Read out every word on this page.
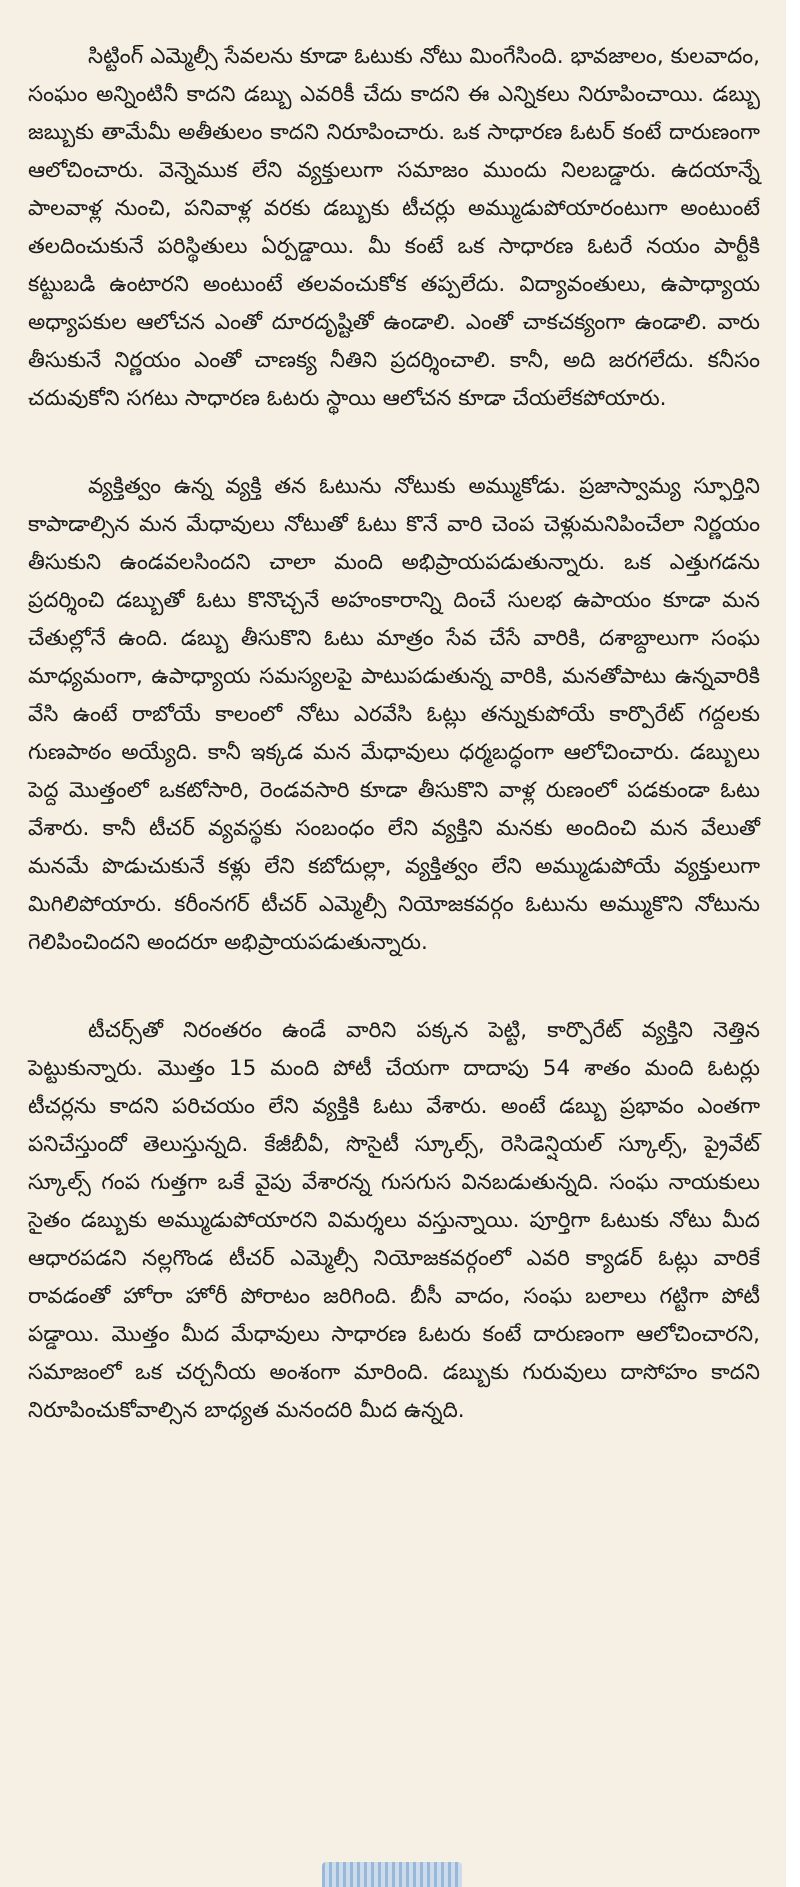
సిట్టింగ్ ఎమ్మెల్సీ సేవలను కూడా ఓటుకు నోటు మింగేసింది. భావజాలం, కులవాదం, సంఘం అన్నింటినీ కాదని డబ్బు ఎవరికీ చేదు కాదని ఈ ఎన్నికలు నిరూపించాయి. డబ్బు జబ్బుకు తామేమీ అతీతులం కాదని నిరూపించారు. ఒక సాధారణ ఓటర్ కంటే దారుణంగా ఆలోచించారు. వెన్నెముక లేని వ్యక్తులుగా సమాజం ముందు నిలబడ్డారు. ఉదయాన్నే పాలవాళ్ల నుంచి, పనివాళ్ల వరకు డబ్బుకు టీచర్లు అమ్ముడుపోయారంటుగా అంటుంటే తలదించుకునే పరిస్థితులు ఏర్పడ్డాయి. మీ కంటే ఒక సాధారణ ఓటరే నయం పార్టీకి కట్టుబడి ఉంటారని అంటుంటే తలవంచుకోక తప్పలేదు. విద్యావంతులు, ఉపాధ్యాయ అధ్యాపకుల ఆలోచన ఎంతో దూరదృష్టితో ఉండాలి. ఎంతో చాకచక్యంగా ఉండాలి. వారు తీసుకునే నిర్ణయం ఎంతో చాణక్య నీతిని ప్రదర్శించాలి. కానీ, అది జరగలేదు. కనీసం చదువుకోని సగటు సాధారణ ఓటరు స్థాయి ఆలోచన కూడా చేయలేకపోయారు.

వ్యక్తిత్వం ఉన్న వ్యక్తి తన ఓటును నోటుకు అమ్ముకోడు. ప్రజాస్వామ్య స్ఫూర్తిని కాపాడాల్సిన మన మేధావులు నోటుతో ఓటు కొనే వారి చెంప చెళ్లుమనిపించేలా నిర్ణయం తీసుకుని ఉండవలసిందని చాలా మంది అభిప్రాయపడుతున్నారు. ఒక ఎత్తుగడను ప్రదర్శించి డబ్బుతో ఓటు కొనొచ్చనే అహంకారాన్ని దించే సులభ ఉపాయం కూడా మన చేతుల్లోనే ఉంది. డబ్బు తీసుకొని ఓటు మాత్రం సేవ చేసే వారికి, దశాబ్దాలుగా సంఘ మాధ్యమంగా, ఉపాధ్యాయ సమస్యలపై పాటుపడుతున్న వారికి, మనతోపాటు ఉన్నవారికి వేసి ఉంటే రాబోయే కాలంలో నోటు ఎరవేసి ఓట్లు తన్నుకుపోయే కార్పొరేట్ గద్దలకు గుణపాఠం అయ్యేది. కానీ ఇక్కడ మన మేధావులు ధర్మబద్ధంగా ఆలోచించారు. డబ్బులు పెద్ద మొత్తంలో ఒకటోసారి, రెండవసారి కూడా తీసుకొని వాళ్ల రుణంలో పడకుండా ఓటు వేశారు. కానీ టీచర్ వ్యవస్థకు సంబంధం లేని వ్యక్తిని మనకు అందించి మన వేలుతో మనమే పొడుచుకునే కళ్లు లేని కబోదుల్లా, వ్యక్తిత్వం లేని అమ్ముడుపోయే వ్యక్తులుగా మిగిలిపోయారు. కరీంనగర్ టీచర్ ఎమ్మెల్సీ నియోజకవర్గం ఓటును అమ్ముకొని నోటును గెలిపించిందని అందరూ అభిప్రాయపడుతున్నారు.

టీచర్స్‌తో నిరంతరం ఉండే వారిని పక్కన పెట్టి, కార్పొరేట్ వ్యక్తిని నెత్తిన పెట్టుకున్నారు. మొత్తం 15 మంది పోటీ చేయగా దాదాపు 54 శాతం మంది ఓటర్లు టీచర్లను కాదని పరిచయం లేని వ్యక్తికి ఓటు వేశారు. అంటే డబ్బు ప్రభావం ఎంతగా పనిచేస్తుందో తెలుస్తున్నది. కేజీబీవీ, సొసైటీ స్కూల్స్, రెసిడెన్షియల్ స్కూల్స్, ప్రైవేట్ స్కూల్స్ గంప గుత్తగా ఒకే వైపు వేశారన్న గుసగుస వినబడుతున్నది. సంఘ నాయకులు సైతం డబ్బుకు అమ్ముడుపోయారని విమర్శలు వస్తున్నాయి. పూర్తిగా ఓటుకు నోటు మీద ఆధారపడని నల్లగొండ టీచర్ ఎమ్మెల్సీ నియోజకవర్గంలో ఎవరి క్యాడర్ ఓట్లు వారికే రావడంతో హోరా హోరీ పోరాటం జరిగింది. బీసీ వాదం, సంఘ బలాలు గట్టిగా పోటీ పడ్డాయి. మొత్తం మీద మేధావులు సాధారణ ఓటరు కంటే దారుణంగా ఆలోచించారని, సమాజంలో ఒక చర్చనీయ అంశంగా మారింది. డబ్బుకు గురువులు దాసోహం కాదని నిరూపించుకోవాల్సిన బాధ్యత మనందరి మీద ఉన్నది.
